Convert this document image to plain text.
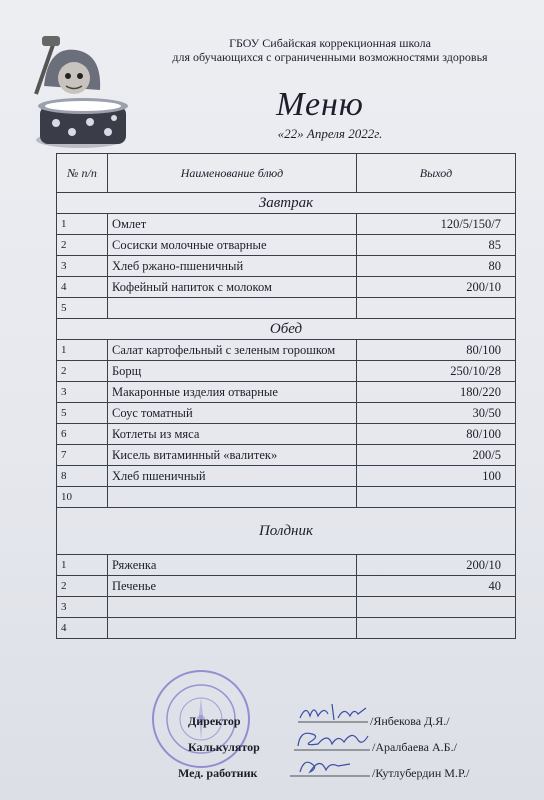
ГБОУ Сибайская коррекционная школа
для обучающихся с ограниченными возможностями здоровья
Меню
«22» Апреля 2022г.
№ п/п	Наименование блюд	Выход
Завтрак		
1	Омлет	120/5/150/7
2	Сосиски молочные отварные	85
3	Хлеб ржано-пшеничный	80
4	Кофейный напиток с молоком	200/10
5		
Обед		
1	Салат картофельный с зеленым горошком	80/100
2	Борщ	250/10/28
3	Макаронные изделия отварные	180/220
5	Соус томатный	30/50
6	Котлеты из мяса	80/100
7	Кисель витаминный «валитек»	200/5
8	Хлеб пшеничный	100
10		
Полдник		
1	Ряженка	200/10
2	Печенье	40
3		
4		
Директор	/Янбекова Д.Я./
Калькулятор	/Аралбаева А.Б./
Мед. работник	/Кутлубердин М.Р./
